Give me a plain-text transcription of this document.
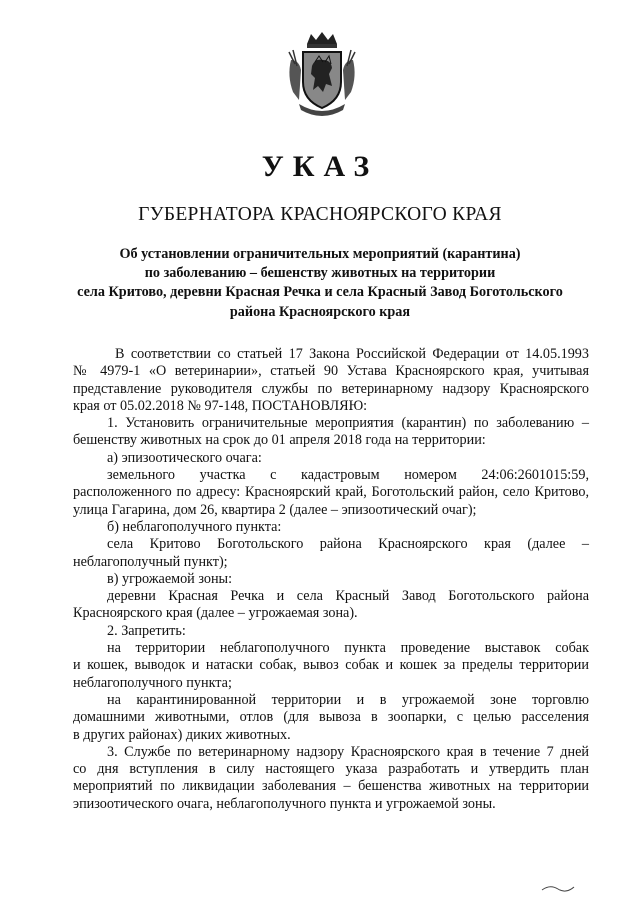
УКАЗ
ГУБЕРНАТОРА КРАСНОЯРСКОГО КРАЯ
Об установлении ограничительных мероприятий (карантина)
по заболеванию – бешенству животных на территории
села Критово, деревни Красная Речка и села Красный Завод Боготольского
района Красноярского края
В соответствии со статьей 17 Закона Российской Федерации от 14.05.1993
№ 4979-1 «О ветеринарии», статьей 90 Устава Красноярского края, учитывая
представление руководителя службы по ветеринарному надзору Красноярского
края от 05.02.2018 № 97-148, ПОСТАНОВЛЯЮ:
1. Установить ограничительные мероприятия (карантин) по заболеванию –
бешенству животных на срок до 01 апреля 2018 года на территории:
а) эпизоотического очага:
земельного участка с кадастровым номером 24:06:2601015:59,
расположенного по адресу: Красноярский край, Боготольский район, село Критово,
улица Гагарина, дом 26, квартира 2 (далее – эпизоотический очаг);
б) неблагополучного пункта:
села Критово Боготольского района Красноярского края (далее –
неблагополучный пункт);
в) угрожаемой зоны:
деревни Красная Речка и села Красный Завод Боготольского района
Красноярского края (далее – угрожаемая зона).
2. Запретить:
на территории неблагополучного пункта проведение выставок собак
и кошек, выводок и натаски собак, вывоз собак и кошек за пределы территории
неблагополучного пункта;
на карантинированной территории и в угрожаемой зоне торговлю
домашними животными, отлов (для вывоза в зоопарки, с целью расселения
в других районах) диких животных.
3. Службе по ветеринарному надзору Красноярского края в течение 7 дней
со дня вступления в силу настоящего указа разработать и утвердить план
мероприятий по ликвидации заболевания – бешенства животных на территории
эпизоотического очага, неблагополучного пункта и угрожаемой зоны.
